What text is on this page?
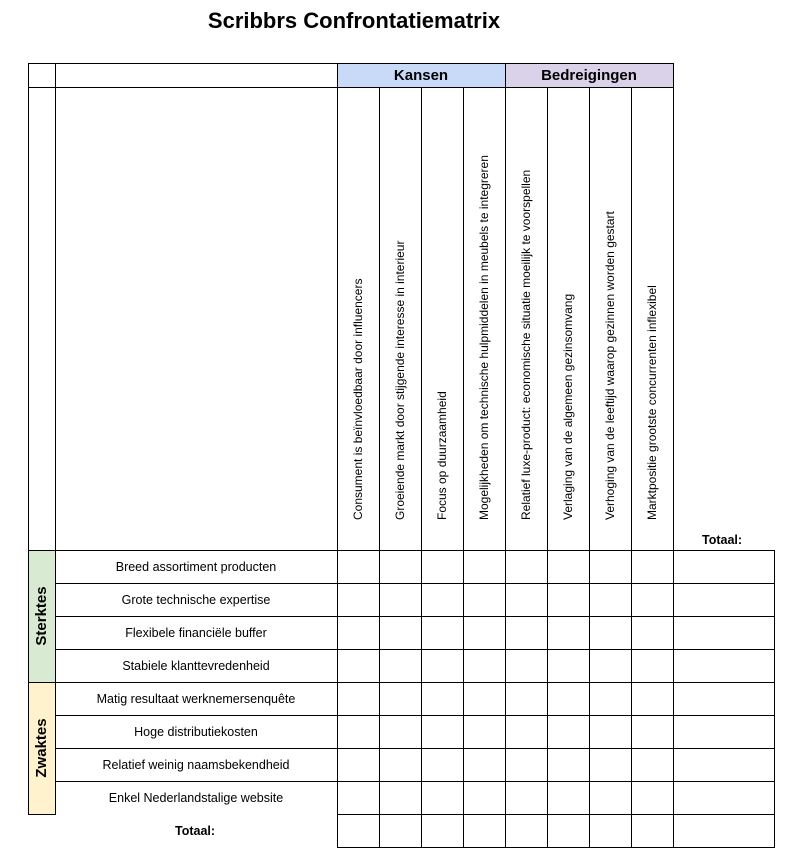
Scribbrs Confrontatiematrix
Kansen	Bedreigingen
Sterktes
Zwaktes
Consument is beïnvloedbaar door influencers Groeiende markt door stijgende interesse in interieur Focus op duurzaamheid Mogelijkheden om technische hulpmiddelen in meubels te integreren Relatief luxe-product: economische situatie moeilijk te voorspellen Verlaging van de algemeen gezinsomvang Verhoging van de leeftijd waarop gezinnen worden gestart Marktpositie grootste concurrenten inflexibel
Breed assortiment producten
Grote technische expertise
Flexibele financiële buffer
Stabiele klanttevredenheid
Matig resultaat werknemersenquête
Hoge distributiekosten
Relatief weinig naamsbekendheid
Enkel Nederlandstalige website
Totaal:
Totaal:
